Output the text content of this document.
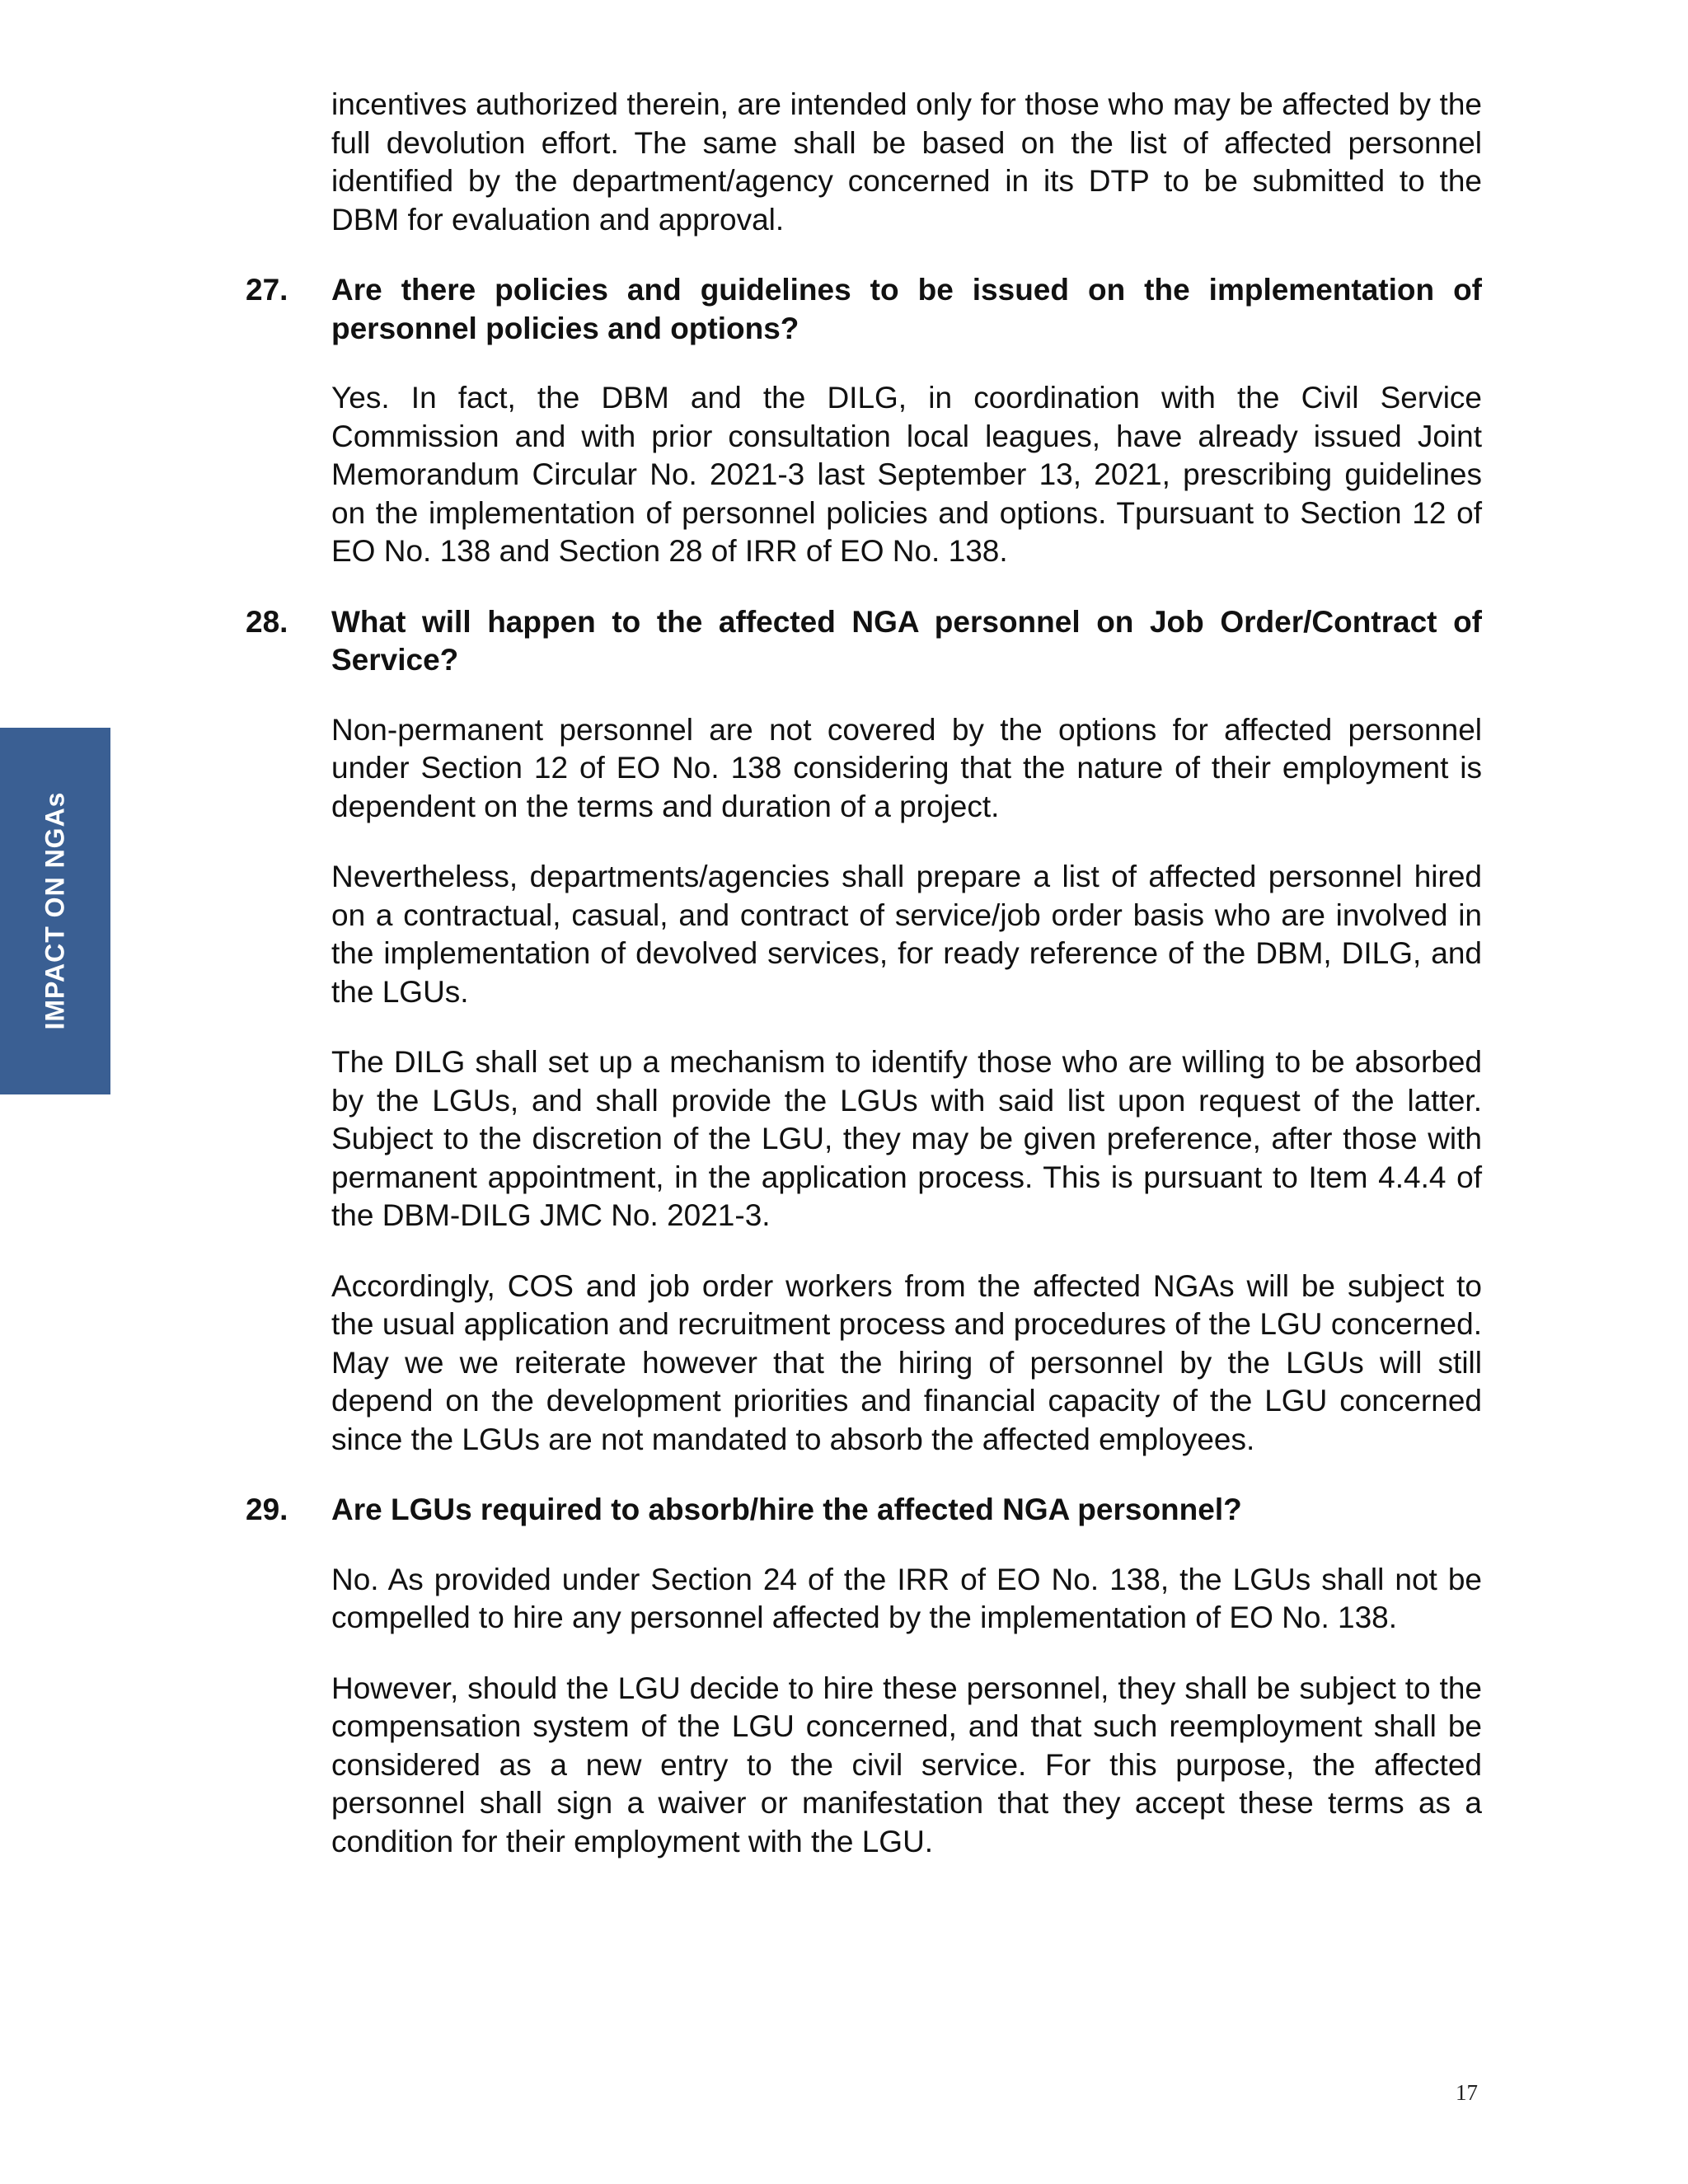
IMPACT ON NGAs

incentives authorized therein, are intended only for those who may be affected by the full devolution effort. The same shall be based on the list of affected personnel identified by the department/agency concerned in its DTP to be submitted to the DBM for evaluation and approval.

27.	Are there policies and guidelines to be issued on the implementation of personnel policies and options?

Yes. In fact, the DBM and the DILG, in coordination with the Civil Service Commission and with prior consultation local leagues, have already issued Joint Memorandum Circular No. 2021-3 last September 13, 2021, prescribing guidelines on the implementation of personnel policies and options. Tpursuant to Section 12 of EO No. 138 and Section 28 of IRR of EO No. 138.

28.	What will happen to the affected NGA personnel on Job Order/Contract of Service?

Non-permanent personnel are not covered by the options for affected personnel under Section 12 of EO No. 138 considering that the nature of their employment is dependent on the terms and duration of a project.

Nevertheless, departments/agencies shall prepare a list of affected personnel hired on a contractual, casual, and contract of service/job order basis who are involved in the implementation of devolved services, for ready reference of the DBM, DILG, and the LGUs.

The DILG shall set up a mechanism to identify those who are willing to be absorbed by the LGUs, and shall provide the LGUs with said list upon request of the latter. Subject to the discretion of the LGU, they may be given preference, after those with permanent appointment, in the application process. This is pursuant to Item 4.4.4 of the DBM-DILG JMC No. 2021-3.

Accordingly, COS and job order workers from the affected NGAs will be subject to the usual application and recruitment process and procedures of the LGU concerned. May we we reiterate however that the hiring of personnel by the LGUs will still depend on the development priorities and financial capacity of the LGU concerned since the LGUs are not mandated to absorb the affected employees.

29.	Are LGUs required to absorb/hire the affected NGA personnel?

No. As provided under Section 24 of the IRR of EO No. 138, the LGUs shall not be compelled to hire any personnel affected by the implementation of EO No. 138.

However, should the LGU decide to hire these personnel, they shall be subject to the compensation system of the LGU concerned, and that such reemployment shall be considered as a new entry to the civil service. For this purpose, the affected personnel shall sign a waiver or manifestation that they accept these terms as a condition for their employment with the LGU.

17
